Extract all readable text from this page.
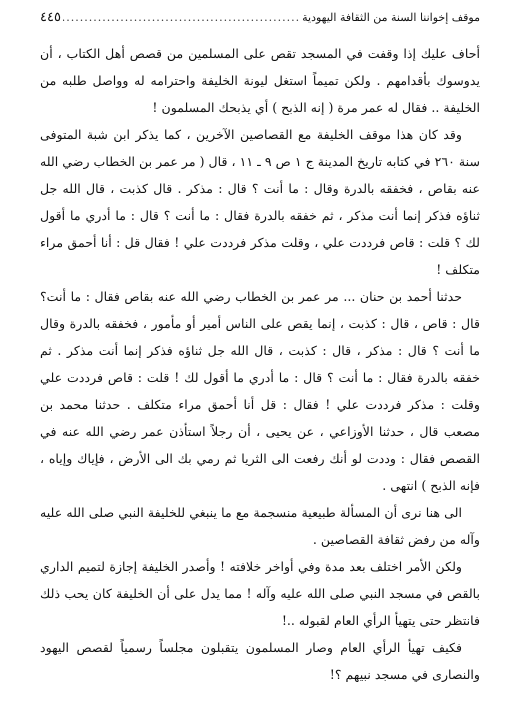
موقف إخواننا السنة من الثقافة اليهودية
.....
٤٤٥

أحاف عليك إذا وقفت في المسجد تقص على المسلمين من قصص أهل الكتاب ، أن يدوسوك بأقدامهم . ولكن تميماً استغل ليونة الخليفة واحترامه له وواصل طلبه من الخليفة .. فقال له عمر مرة ( إنه الذبح ) أي يذبحك المسلمون !

وقد كان هذا موقف الخليفة مع القصاصين الآخرين ، كما يذكر ابن شبة المتوفى سنة ٢٦٠ في كتابه تاريخ المدينة ج ١ ص ٩ ـ ١١ ، قال ( مر عمر بن الخطاب رضي الله عنه بقاص ، فخفقه بالدرة وقال : ما أنت ؟ قال : مذكر . قال كذبت ، قال الله جل ثناؤه فذكر إنما أنت مذكر ، ثم خفقه بالدرة فقال : ما أنت ؟ قال : ما أدري ما أقول لك ؟ قلت : قاص فرددت علي ، وقلت مذكر فرددت علي ! فقال قل : أنا أحمق مراء متكلف !

حدثنا أحمد بن حنان ... مر عمر بن الخطاب رضي الله عنه بقاص فقال : ما أنت؟ قال : قاص ، قال : كذبت ، إنما يقص على الناس أمير أو مأمور ، فخفقه بالدرة وقال ما أنت ؟ قال : مذكر ، قال : كذبت ، قال الله جل ثناؤه فذكر إنما أنت مذكر . ثم خفقه بالدرة فقال : ما أنت ؟ قال : ما أدري ما أقول لك ! قلت : قاص فرددت علي وقلت : مذكر فرددت علي ! فقال : قل أنا أحمق مراء متكلف . حدثنا محمد بن مصعب قال ، حدثنا الأوزاعي ، عن يحيى ، أن رجلاً استأذن عمر رضي الله عنه في القصص فقال : وددت لو أنك رفعت الى الثريا ثم رمي بك الى الأرض ، فإياك وإياه ، فإنه الذبح ) انتهى .

الى هنا نرى أن المسألة طبيعية منسجمة مع ما ينبغي للخليفة النبي صلى الله عليه وآله من رفض ثقافة القصاصين .

ولكن الأمر اختلف بعد مدة وفي أواخر خلافته ! وأصدر الخليفة إجازة لتميم الداري بالقص في مسجد النبي صلى الله عليه وآله ! مما يدل على أن الخليفة كان يحب ذلك فانتظر حتى يتهيأ الرأي العام لقبوله ..!

فكيف تهيأ الرأي العام وصار المسلمون يتقبلون مجلساً رسمياً لقصص اليهود والنصارى في مسجد نبيهم ؟!
